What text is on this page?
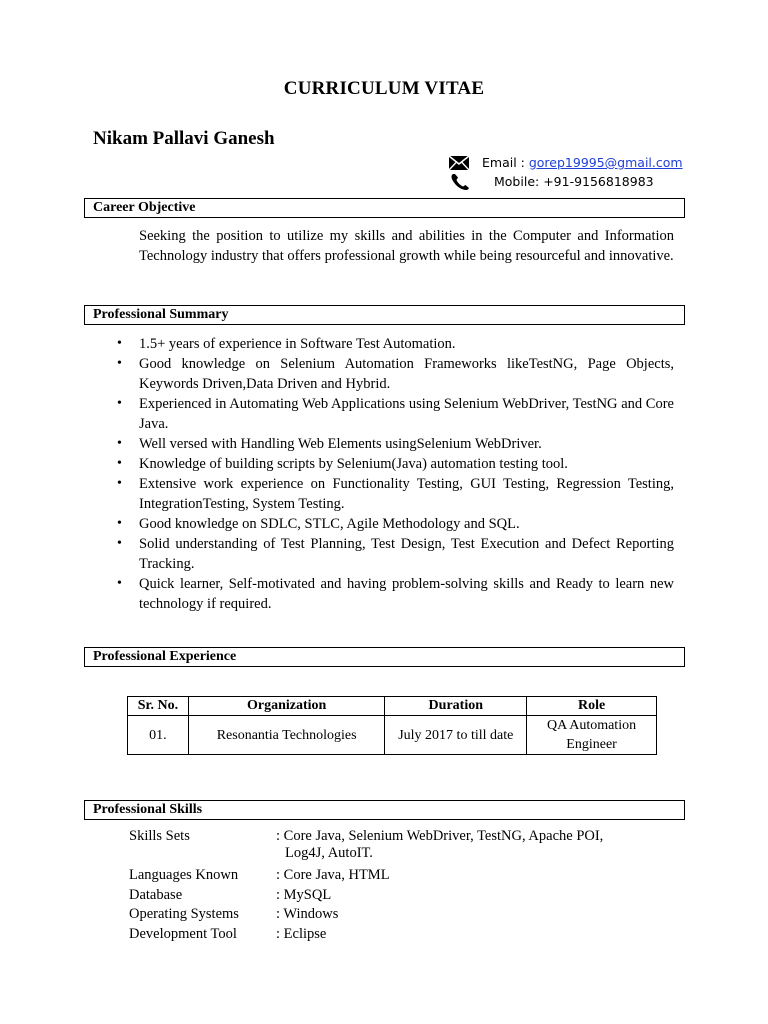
CURRICULUM VITAE
Nikam Pallavi Ganesh
Email : gorep19995@gmail.com
Mobile: +91-9156818983
Career Objective
Seeking the position to utilize my skills and abilities in the Computer and Information Technology industry that offers professional growth while being resourceful and innovative.
Professional Summary
• 1.5+ years of experience in Software Test Automation.
• Good knowledge on Selenium Automation Frameworks likeTestNG, Page Objects, Keywords Driven,Data Driven and Hybrid.
• Experienced in Automating Web Applications using Selenium WebDriver, TestNG and Core Java.
• Well versed with Handling Web Elements usingSelenium WebDriver.
• Knowledge of building scripts by Selenium(Java) automation testing tool.
• Extensive work experience on Functionality Testing, GUI Testing, Regression Testing, IntegrationTesting, System Testing.
• Good knowledge on SDLC, STLC, Agile Methodology and SQL.
• Solid understanding of Test Planning, Test Design, Test Execution and Defect Reporting Tracking.
• Quick learner, Self-motivated and having problem-solving skills and Ready to learn new technology if required.
Professional Experience
Sr. No.	Organization	Duration	Role
01.	Resonantia Technologies	July 2017 to till date	QA Automation Engineer
Professional Skills
Skills Sets	: Core Java, Selenium WebDriver, TestNG, Apache POI,
Log4J, AutoIT.
Languages Known	: Core Java, HTML
Database	: MySQL
Operating Systems	: Windows
Development Tool	: Eclipse
